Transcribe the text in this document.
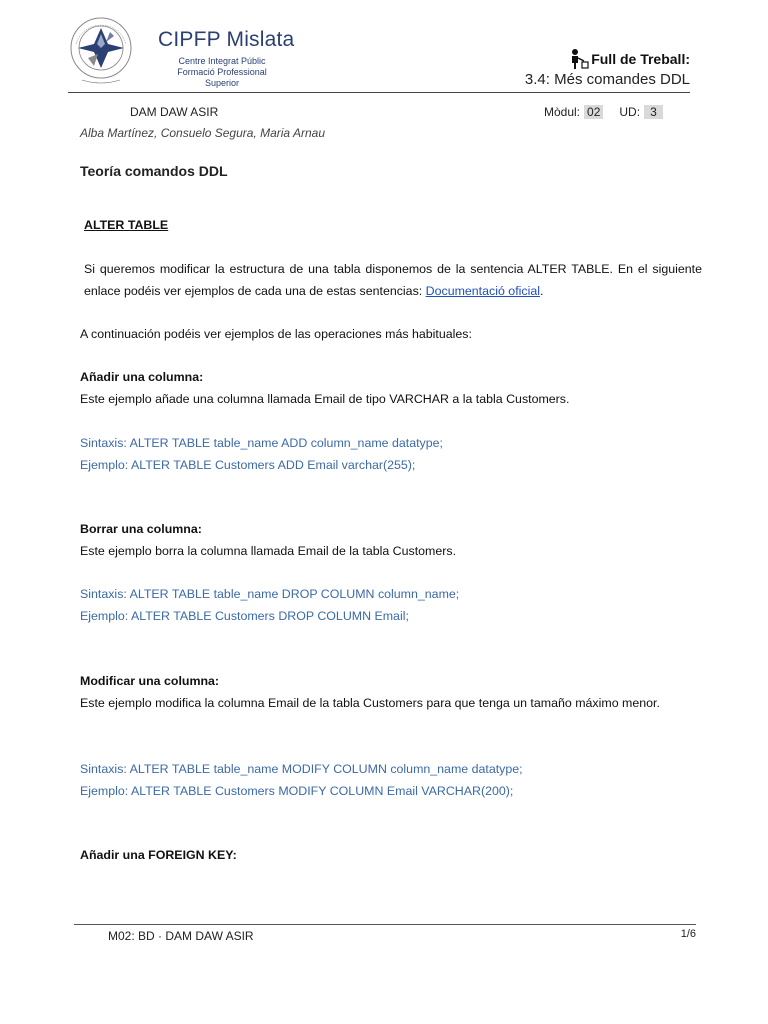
CIPFP Mislata
Centre Integrat Públic
Formació Professional Superior
Full de Treball:
3.4: Més comandes DDL
DAM DAW ASIR	Mòdul: 02 UD: 3
Alba Martínez, Consuelo Segura, Maria Arnau
Teoría comandos DDL
ALTER TABLE
Si queremos modificar la estructura de una tabla disponemos de la sentencia ALTER TABLE. En el siguiente enlace podéis ver ejemplos de cada una de estas sentencias: Documentació oficial.
A continuación podéis ver ejemplos de las operaciones más habituales:
Añadir una columna:
Este ejemplo añade una columna llamada Email de tipo VARCHAR a la tabla Customers.
Sintaxis: ALTER TABLE table_name ADD column_name datatype;
Ejemplo: ALTER TABLE Customers ADD Email varchar(255);
Borrar una columna:
Este ejemplo borra la columna llamada Email de la tabla Customers.
Sintaxis: ALTER TABLE table_name DROP COLUMN column_name;
Ejemplo: ALTER TABLE Customers DROP COLUMN Email;
Modificar una columna:
Este ejemplo modifica la columna Email de la tabla Customers para que tenga un tamaño máximo menor.
Sintaxis: ALTER TABLE table_name MODIFY COLUMN column_name datatype;
Ejemplo: ALTER TABLE Customers MODIFY COLUMN Email VARCHAR(200);
Añadir una FOREIGN KEY:
M02: BD · DAM DAW ASIR	1/6
